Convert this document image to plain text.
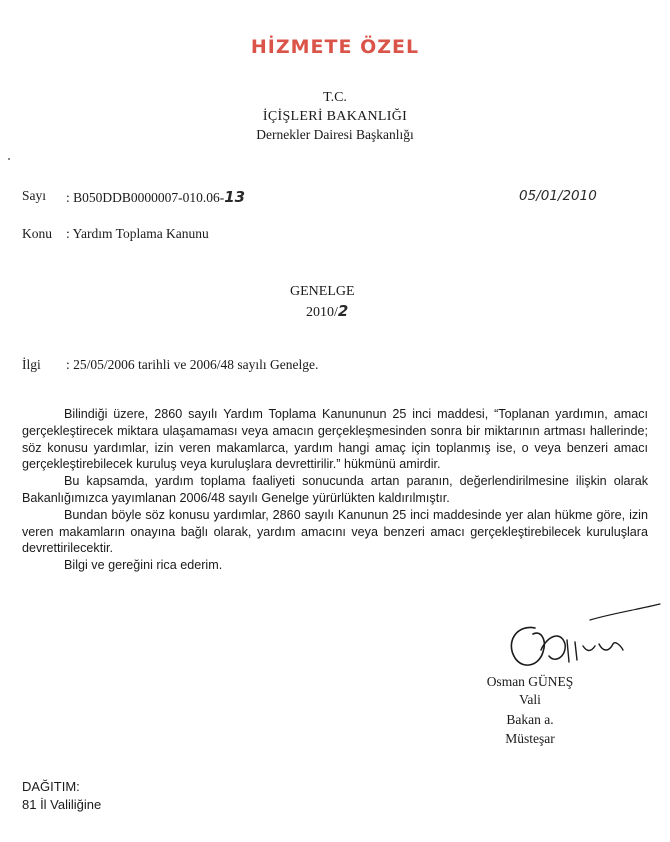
HİZMETE ÖZEL
T.C.
İÇİŞLERİ BAKANLIĞI
Dernekler Dairesi Başkanlığı
Sayı : B050DDB0000007-010.06-13	05/01/2010
Konu : Yardım Toplama Kanunu
GENELGE
2010/2
İlgi : 25/05/2006 tarihli ve 2006/48 sayılı Genelge.

Bilindiği üzere, 2860 sayılı Yardım Toplama Kanununun 25 inci maddesi, “Toplanan yardımın, amacı gerçekleştirecek miktara ulaşamaması veya amacın gerçekleşmesinden sonra bir miktarının artması hallerinde; söz konusu yardımlar, izin veren makamlarca, yardım hangi amaç için toplanmış ise, o veya benzeri amacı gerçekleştirebilecek kuruluş veya kuruluşlara devrettirilir.” hükmünü amirdir.

Bu kapsamda, yardım toplama faaliyeti sonucunda artan paranın, değerlendirilmesine ilişkin olarak Bakanlığımızca yayımlanan 2006/48 sayılı Genelge yürürlükten kaldırılmıştır.

Bundan böyle söz konusu yardımlar, 2860 sayılı Kanunun 25 inci maddesinde yer alan hükme göre, izin veren makamların onayına bağlı olarak, yardım amacını veya benzeri amacı gerçekleştirebilecek kuruluşlara devrettirilecektir.

Bilgi ve gereğini rica ederim.

Osman GÜNEŞ
Vali
Bakan a.
Müsteşar
DAĞITIM:
81 İl Valiliğine
